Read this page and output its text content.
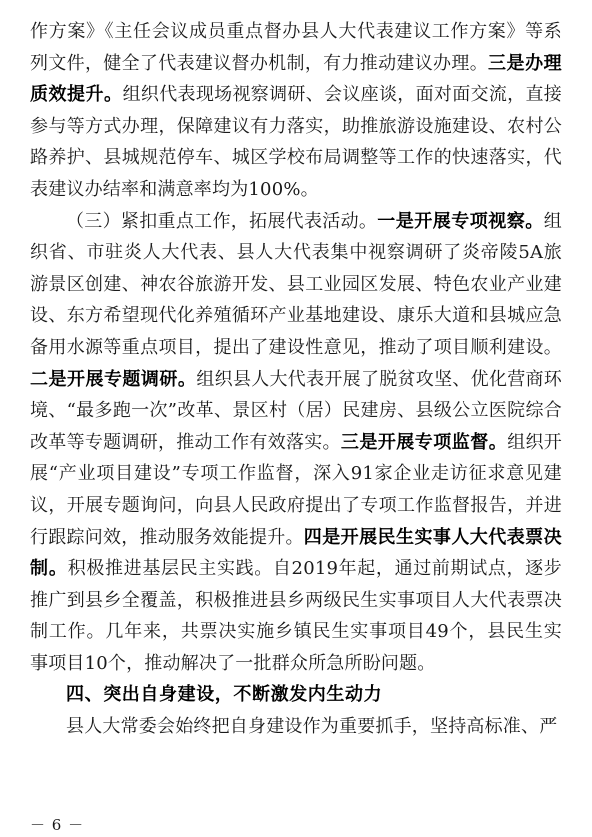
作方案》《主任会议成员重点督办县人大代表建议工作方案》等系列文件，健全了代表建议督办机制，有力推动建议办理。三是办理质效提升。组织代表现场视察调研、会议座谈，面对面交流，直接参与等方式办理，保障建议有力落实，助推旅游设施建设、农村公路养护、县城规范停车、城区学校布局调整等工作的快速落实，代表建议办结率和满意率均为100%。

（三）紧扣重点工作，拓展代表活动。一是开展专项视察。组织省、市驻炎人大代表、县人大代表集中视察调研了炎帝陵5A旅游景区创建、神农谷旅游开发、县工业园区发展、特色农业产业建设、东方希望现代化养殖循环产业基地建设、康乐大道和县城应急备用水源等重点项目，提出了建设性意见，推动了项目顺利建设。二是开展专题调研。组织县人大代表开展了脱贫攻坚、优化营商环境、“最多跑一次”改革、景区村（居）民建房、县级公立医院综合改革等专题调研，推动工作有效落实。三是开展专项监督。组织开展“产业项目建设”专项工作监督，深入91家企业走访征求意见建议，开展专题询问，向县人民政府提出了专项工作监督报告，并进行跟踪问效，推动服务效能提升。四是开展民生实事人大代表票决制。积极推进基层民主实践。自2019年起，通过前期试点，逐步推广到县乡全覆盖，积极推进县乡两级民生实事项目人大代表票决制工作。几年来，共票决实施乡镇民生实事项目49个，县民生实事项目10个，推动解决了一批群众所急所盼问题。

四、突出自身建设，不断激发内生动力

县人大常委会始终把自身建设作为重要抓手，坚持高标准、严

－ 6 －
